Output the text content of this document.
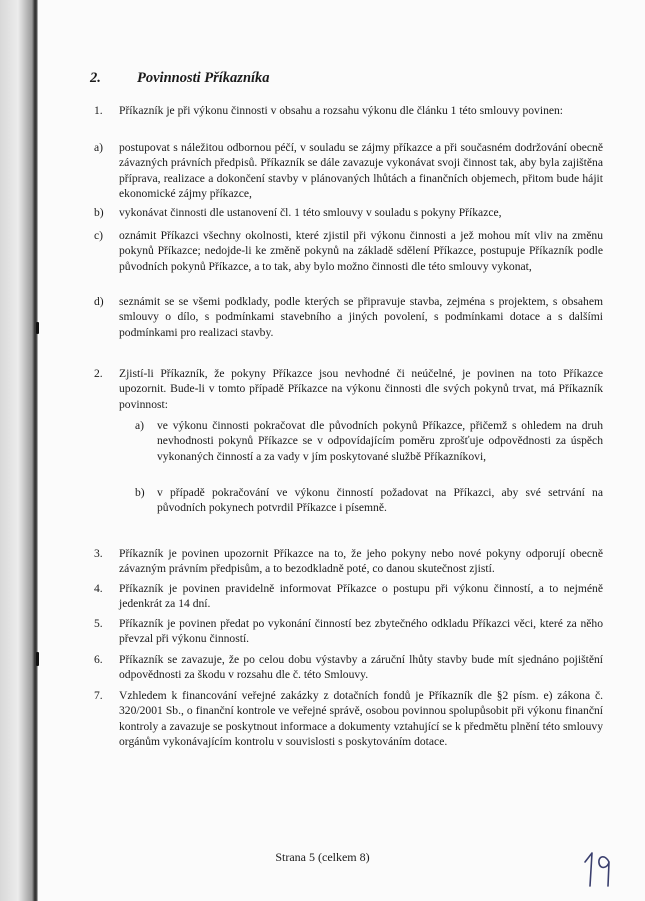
2. Povinnosti Příkazníka
1. Příkazník je při výkonu činnosti v obsahu a rozsahu výkonu dle článku 1 této smlouvy povinen:
a) postupovat s náležitou odbornou péčí, v souladu se zájmy příkazce a při současném dodržování obecně závazných právních předpisů. Příkazník se dále zavazuje vykonávat svoji činnost tak, aby byla zajištěna příprava, realizace a dokončení stavby v plánovaných lhůtách a finančních objemech, přitom bude hájit ekonomické zájmy příkazce,
b) vykonávat činnosti dle ustanovení čl. 1 této smlouvy v souladu s pokyny Příkazce,
c) oznámit Příkazci všechny okolnosti, které zjistil při výkonu činnosti a jež mohou mít vliv na změnu pokynů Příkazce; nedojde-li ke změně pokynů na základě sdělení Příkazce, postupuje Příkazník podle původních pokynů Příkazce, a to tak, aby bylo možno činnosti dle této smlouvy vykonat,
d) seznámit se se všemi podklady, podle kterých se připravuje stavba, zejména s projektem, s obsahem smlouvy o dílo, s podmínkami stavebního a jiných povolení, s podmínkami dotace a s dalšími podmínkami pro realizaci stavby.
2. Zjistí-li Příkazník, že pokyny Příkazce jsou nevhodné či neúčelné, je povinen na toto Příkazce upozornit. Bude-li v tomto případě Příkazce na výkonu činnosti dle svých pokynů trvat, má Příkazník povinnost:
a) ve výkonu činnosti pokračovat dle původních pokynů Příkazce, přičemž s ohledem na druh nevhodnosti pokynů Příkazce se v odpovídajícím poměru zprošťuje odpovědnosti za úspěch vykonaných činností a za vady v jím poskytované službě Příkazníkovi,
b) v případě pokračování ve výkonu činností požadovat na Příkazci, aby své setrvání na původních pokynech potvrdil Příkazce i písemně.
3. Příkazník je povinen upozornit Příkazce na to, že jeho pokyny nebo nové pokyny odporují obecně závazným právním předpisům, a to bezodkladně poté, co danou skutečnost zjistí.
4. Příkazník je povinen pravidelně informovat Příkazce o postupu při výkonu činností, a to nejméně jedenkrát za 14 dní.
5. Příkazník je povinen předat po vykonání činností bez zbytečného odkladu Příkazci věci, které za něho převzal při výkonu činností.
6. Příkazník se zavazuje, že po celou dobu výstavby a záruční lhůty stavby bude mít sjednáno pojištění odpovědnosti za škodu v rozsahu dle č. této Smlouvy.
7. Vzhledem k financování veřejné zakázky z dotačních fondů je Příkazník dle §2 písm. e) zákona č. 320/2001 Sb., o finanční kontrole ve veřejné správě, osobou povinnou spolupůsobit při výkonu finanční kontroly a zavazuje se poskytnout informace a dokumenty vztahující se k předmětu plnění této smlouvy orgánům vykonávajícím kontrolu v souvislosti s poskytováním dotace.
Strana 5 (celkem 8)
